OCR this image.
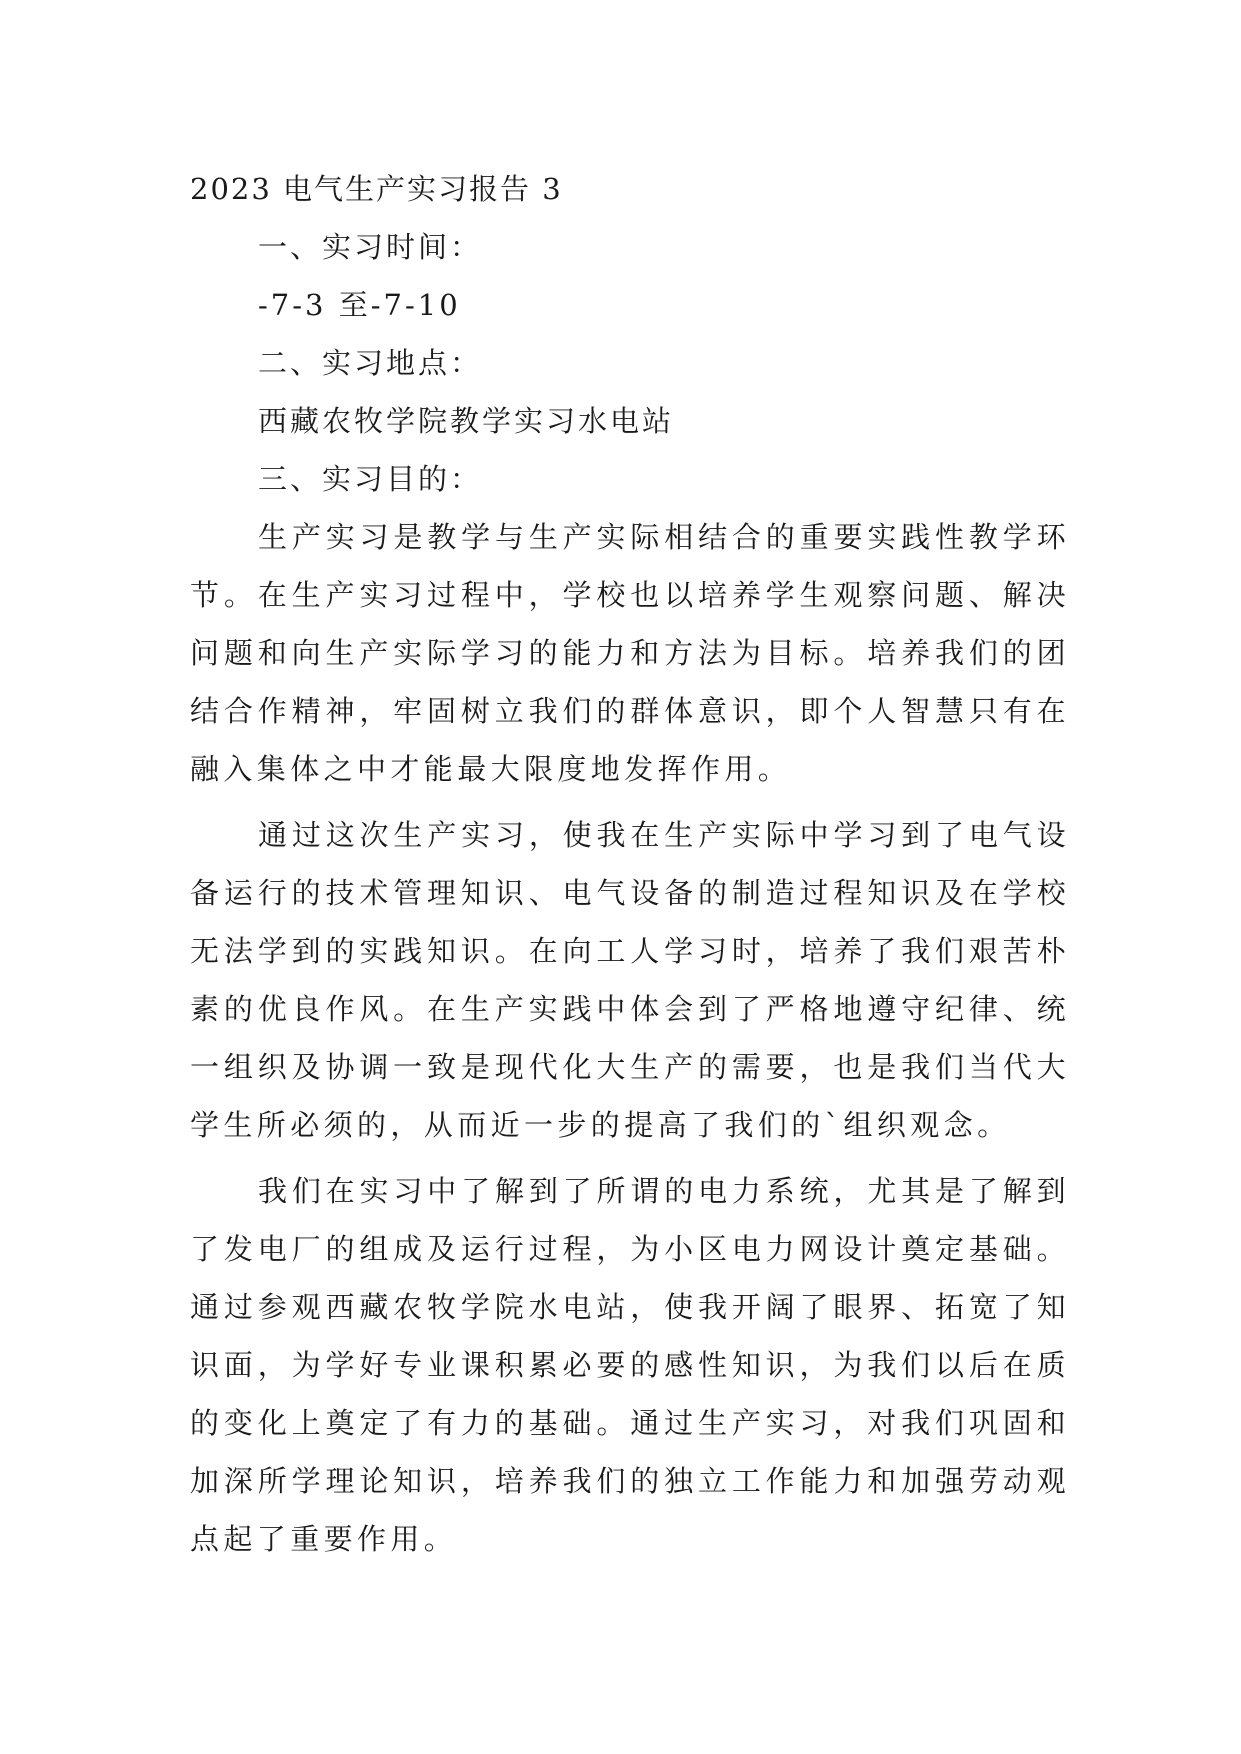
2023 电气生产实习报告 3

一、实习时间：

-7-3 至-7-10

二、实习地点：

西藏农牧学院教学实习水电站

三、实习目的：

生产实习是教学与生产实际相结合的重要实践性教学环节。在生产实习过程中，学校也以培养学生观察问题、解决问题和向生产实际学习的能力和方法为目标。培养我们的团结合作精神，牢固树立我们的群体意识，即个人智慧只有在融入集体之中才能最大限度地发挥作用。

通过这次生产实习，使我在生产实际中学习到了电气设备运行的技术管理知识、电气设备的制造过程知识及在学校无法学到的实践知识。在向工人学习时，培养了我们艰苦朴素的优良作风。在生产实践中体会到了严格地遵守纪律、统一组织及协调一致是现代化大生产的需要，也是我们当代大学生所必须的，从而近一步的提高了我们的`组织观念。

我们在实习中了解到了所谓的电力系统，尤其是了解到了发电厂的组成及运行过程，为小区电力网设计奠定基础。通过参观西藏农牧学院水电站，使我开阔了眼界、拓宽了知识面，为学好专业课积累必要的感性知识，为我们以后在质的变化上奠定了有力的基础。通过生产实习，对我们巩固和加深所学理论知识，培养我们的独立工作能力和加强劳动观点起了重要作用。
